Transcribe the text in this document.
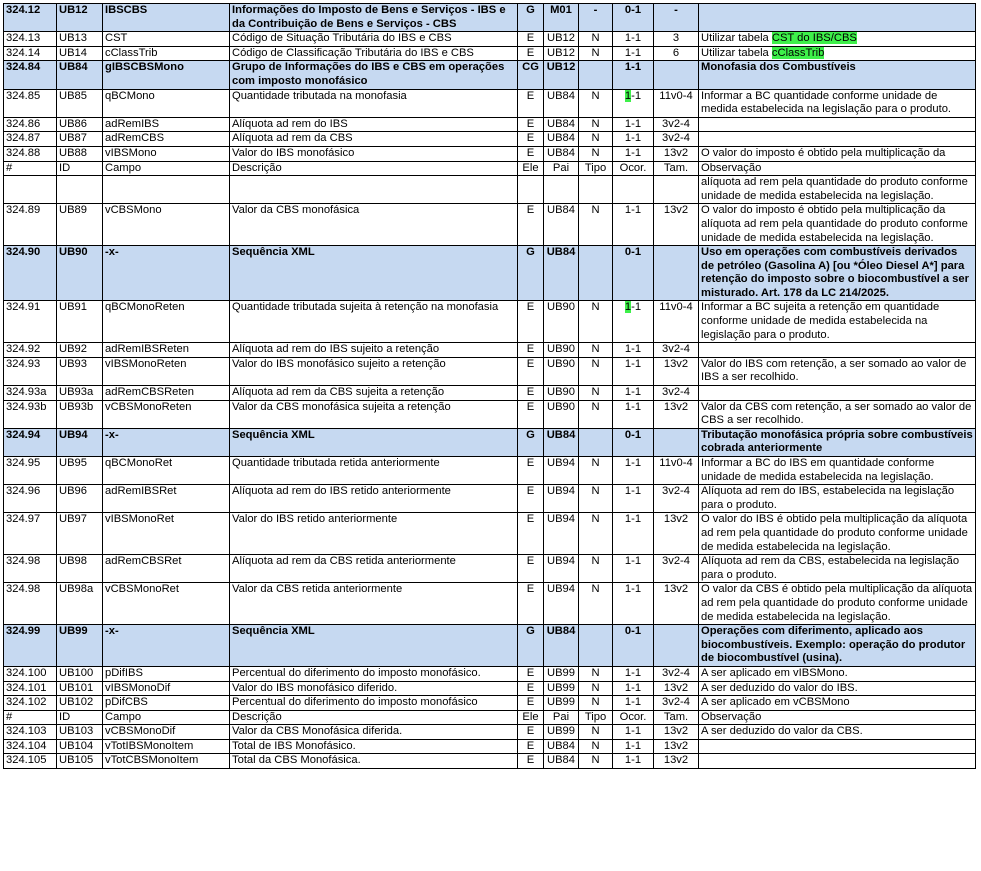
324.12	UB12	IBSCBS	Informações do Imposto de Bens e Serviços - IBS e da Contribuição de Bens e Serviços - CBS	G	M01	-	0-1	-	
324.13	UB13	CST	Código de Situação Tributária do IBS e CBS	E	UB12	N	1-1	3	Utilizar tabela CST do IBS/CBS
324.14	UB14	cClassTrib	Código de Classificação Tributária do IBS e CBS	E	UB12	N	1-1	6	Utilizar tabela cClassTrib
324.84	UB84	gIBSCBSMono	Grupo de Informações do IBS e CBS em operações com imposto monofásico	CG	UB12		1-1		Monofasia dos Combustíveis
324.85	UB85	qBCMono	Quantidade tributada na monofasia	E	UB84	N	1-1	11v0-4	Informar a BC quantidade conforme unidade de medida estabelecida na legislação para o produto.
324.86	UB86	adRemIBS	Alíquota ad rem do IBS	E	UB84	N	1-1	3v2-4	
324.87	UB87	adRemCBS	Alíquota ad rem da CBS	E	UB84	N	1-1	3v2-4	
324.88	UB88	vIBSMono	Valor do IBS monofásico	E	UB84	N	1-1	13v2	O valor do imposto é obtido pela multiplicação da
#	ID	Campo	Descrição	Ele	Pai	Tipo	Ocor.	Tam.	Observação
									alíquota ad rem pela quantidade do produto conforme unidade de medida estabelecida na legislação.
324.89	UB89	vCBSMono	Valor da CBS monofásica	E	UB84	N	1-1	13v2	O valor do imposto é obtido pela multiplicação da alíquota ad rem pela quantidade do produto conforme unidade de medida estabelecida na legislação.
324.90	UB90	-x-	Sequência XML	G	UB84		0-1		Uso em operações com combustíveis derivados de petróleo (Gasolina A) [ou *Óleo Diesel A*] para retenção do imposto sobre o biocombustível a ser misturado. Art. 178 da LC 214/2025.
324.91	UB91	qBCMonoReten	Quantidade tributada sujeita à retenção na monofasia	E	UB90	N	1-1	11v0-4	Informar a BC sujeita a retenção em quantidade conforme unidade de medida estabelecida na legislação para o produto.
324.92	UB92	adRemIBSReten	Alíquota ad rem do IBS sujeito a retenção	E	UB90	N	1-1	3v2-4	
324.93	UB93	vIBSMonoReten	Valor do IBS monofásico sujeito a retenção	E	UB90	N	1-1	13v2	Valor do IBS com retenção, a ser somado ao valor de IBS a ser recolhido.
324.93a	UB93a	adRemCBSReten	Alíquota ad rem da CBS sujeita a retenção	E	UB90	N	1-1	3v2-4	
324.93b	UB93b	vCBSMonoReten	Valor da CBS monofásica sujeita a retenção	E	UB90	N	1-1	13v2	Valor da CBS com retenção, a ser somado ao valor de CBS a ser recolhido.
324.94	UB94	-x-	Sequência XML	G	UB84		0-1		Tributação monofásica própria sobre combustíveis cobrada anteriormente
324.95	UB95	qBCMonoRet	Quantidade tributada retida anteriormente	E	UB94	N	1-1	11v0-4	Informar a BC do IBS em quantidade conforme unidade de medida estabelecida na legislação.
324.96	UB96	adRemIBSRet	Alíquota ad rem do IBS retido anteriormente	E	UB94	N	1-1	3v2-4	Alíquota ad rem do IBS, estabelecida na legislação para o produto.
324.97	UB97	vIBSMonoRet	Valor do IBS retido anteriormente	E	UB94	N	1-1	13v2	O valor do IBS é obtido pela multiplicação da alíquota ad rem pela quantidade do produto conforme unidade de medida estabelecida na legislação.
324.98	UB98	adRemCBSRet	Alíquota ad rem da CBS retida anteriormente	E	UB94	N	1-1	3v2-4	Alíquota ad rem da CBS, estabelecida na legislação para o produto.
324.98	UB98a	vCBSMonoRet	Valor da CBS retida anteriormente	E	UB94	N	1-1	13v2	O valor da CBS é obtido pela multiplicação da alíquota ad rem pela quantidade do produto conforme unidade de medida estabelecida na legislação.
324.99	UB99	-x-	Sequência XML	G	UB84		0-1		Operações com diferimento, aplicado aos biocombustíveis. Exemplo: operação do produtor de biocombustível (usina).
324.100	UB100	pDifIBS	Percentual do diferimento do imposto monofásico.	E	UB99	N	1-1	3v2-4	A ser aplicado em vIBSMono.
324.101	UB101	vIBSMonoDif	Valor do IBS monofásico diferido.	E	UB99	N	1-1	13v2	A ser deduzido do valor do IBS.
324.102	UB102	pDifCBS	Percentual do diferimento do imposto monofásico	E	UB99	N	1-1	3v2-4	A ser aplicado em vCBSMono
#	ID	Campo	Descrição	Ele	Pai	Tipo	Ocor.	Tam.	Observação
324.103	UB103	vCBSMonoDif	Valor da CBS Monofásica diferida.	E	UB99	N	1-1	13v2	A ser deduzido do valor da CBS.
324.104	UB104	vTotIBSMonoItem	Total de IBS Monofásico.	E	UB84	N	1-1	13v2	
324.105	UB105	vTotCBSMonoItem	Total da CBS Monofásica.	E	UB84	N	1-1	13v2	
